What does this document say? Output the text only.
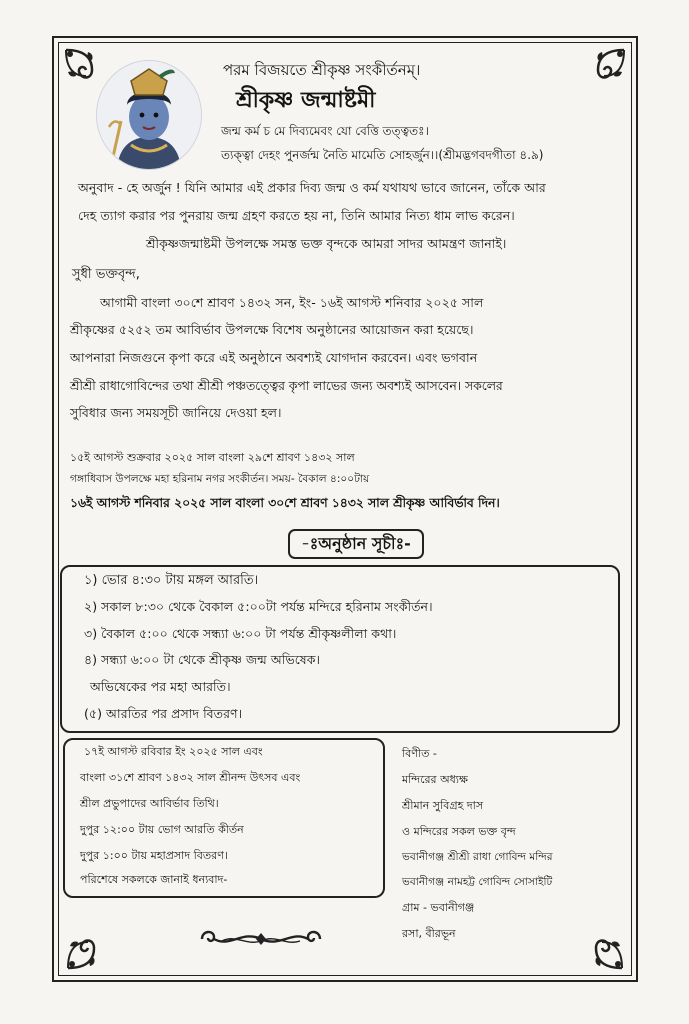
পরম বিজয়তে শ্রীকৃষ্ণ সংকীর্তনম্।
শ্রীকৃষ্ণ জন্মাষ্টমী
জন্ম কর্ম চ মে দিব্যমেবং যো বেত্তি তত্ত্বতঃ।
ত্যক্ত্বা দেহং পুনর্জন্ম নৈতি মামেতি সোহর্জুন।।(শ্রীমদ্ভগবদগীতা ৪.৯)
অনুবাদ - হে অর্জুন ! যিনি আমার এই প্রকার দিব্য জন্ম ও কর্ম যথাযথ ভাবে জানেন, তাঁকে আর
দেহ ত্যাগ করার পর পুনরায় জন্ম গ্রহণ করতে হয় না, তিনি আমার নিত্য ধাম লাভ করেন।
শ্রীকৃষ্ণজন্মাষ্টমী উপলক্ষে সমস্ত ভক্ত বৃন্দকে আমরা সাদর আমন্ত্রণ জানাই।
সুধী ভক্তবৃন্দ,
আগামী বাংলা ৩০শে শ্রাবণ ১৪৩২ সন, ইং- ১৬ই আগস্ট শনিবার ২০২৫ সাল
শ্রীকৃষ্ণের ৫২৫২ তম আবির্ভাব উপলক্ষে বিশেষ অনুষ্ঠানের আয়োজন করা হয়েছে।
আপনারা নিজগুনে কৃপা করে এই অনুষ্ঠানে অবশ্যই যোগদান করবেন। এবং ভগবান
শ্রীশ্রী রাধাগোবিন্দের তথা শ্রীশ্রী পঞ্চতত্ত্বের কৃপা লাভের জন্য অবশ্যই আসবেন। সকলের
সুবিধার জন্য সময়সূচী জানিয়ে দেওয়া হল।
১৫ই আগস্ট শুক্রবার ২০২৫ সাল বাংলা ২৯শে শ্রাবণ ১৪৩২ সাল
গঙ্গাধিবাস উপলক্ষে মহা হরিনাম নগর সংকীর্তন। সময়- বৈকাল ৪:০০টায়
১৬ই আগস্ট শনিবার ২০২৫ সাল বাংলা ৩০শে শ্রাবণ ১৪৩২ সাল শ্রীকৃষ্ণ আবির্ভাব দিন।
-ঃঅনুষ্ঠান সূচীঃ-
১) ভোর ৪:৩০ টায় মঙ্গল আরতি।
২) সকাল ৮:৩০ থেকে বৈকাল ৫:০০টা পর্যন্ত মন্দিরে হরিনাম সংকীর্তন।
৩) বৈকাল ৫:০০ থেকে সন্ধ্যা ৬:০০ টা পর্যন্ত শ্রীকৃষ্ণলীলা কথা।
৪) সন্ধ্যা ৬:০০ টা থেকে শ্রীকৃষ্ণ জন্ম অভিষেক।
অভিষেকের পর মহা আরতি।
(৫) আরতির পর প্রসাদ বিতরণ।
১৭ই আগস্ট রবিবার ইং ২০২৫ সাল এবং
বাংলা ৩১শে শ্রাবণ ১৪৩২ সাল শ্রীনন্দ উৎসব এবং
শ্রীল প্রভুপাদের আবির্ভাব তিথি।
দুপুর ১২:০০ টায় ভোগ আরতি কীর্তন
দুপুর ১:০০ টায় মহাপ্রসাদ বিতরণ।
পরিশেষে সকলকে জানাই ধন্যবাদ-
বিণীত -
মন্দিরের অধ্যক্ষ
শ্রীমান সুবিগ্রহ দাস
ও মন্দিরের সকল ভক্ত বৃন্দ
ভবানীগঞ্জ শ্রীশ্রী রাধা গোবিন্দ মন্দির
ভবানীগঞ্জ নামহট্ট গোবিন্দ সোসাইটি
গ্রাম - ভবানীগঞ্জ
রসা, বীরভূন
